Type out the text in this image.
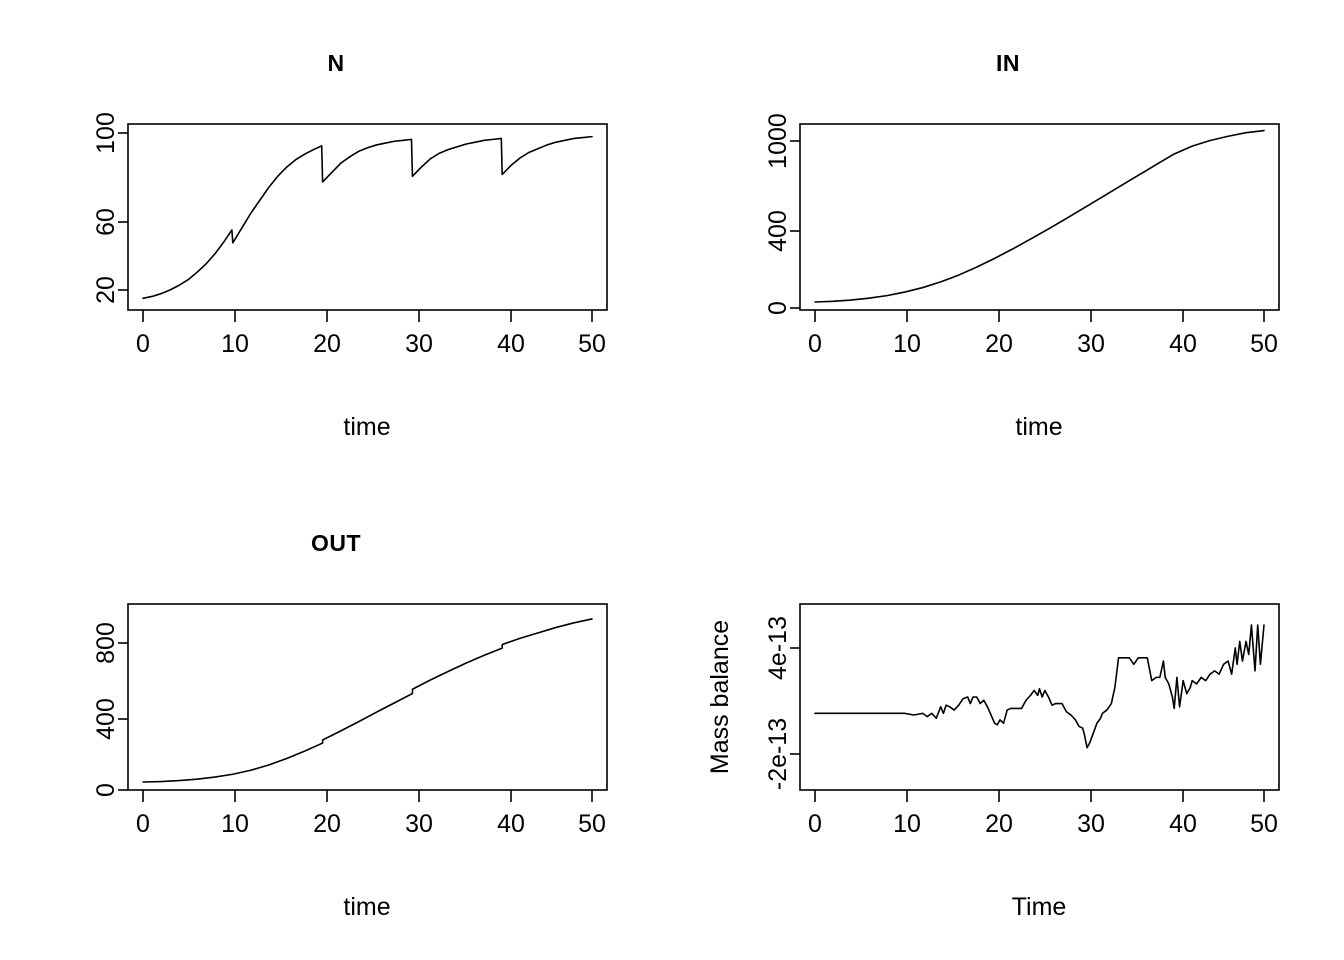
N
100
60
20
0	10	20	30	40 50
time
IN
1000
400
0
0	10	20	30	40 50
time
OUT
800
400
0
0	10	20	30	40 50
time
4e-13
-2e-13
Mass balance
0	10	20	30	40 50
Time
